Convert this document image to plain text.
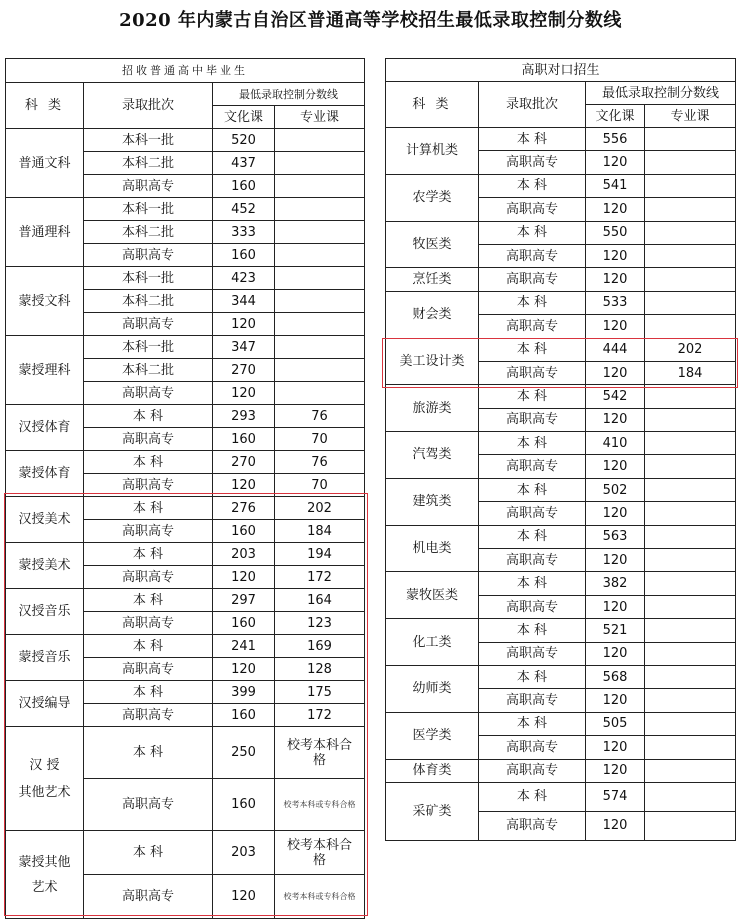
2020 年内蒙古自治区普通高等学校招生最低录取控制分数线
招收普通高中毕业生			
科 类	录取批次	最低录取控制分数线	
		文化课	专业课
普通文科	本科一批	520	
	本科二批	437	
	高职高专	160	
普通理科	本科一批	452	
	本科二批	333	
	高职高专	160	
蒙授文科	本科一批	423	
	本科二批	344	
	高职高专	120	
蒙授理科	本科一批	347	
	本科二批	270	
	高职高专	120	
汉授体育	本 科	293	76
	高职高专	160	70
蒙授体育	本 科	270	76
	高职高专	120	70
汉授美术	本 科	276	202
	高职高专	160	184
蒙授美术	本 科	203	194
	高职高专	120	172
汉授音乐	本 科	297	164
	高职高专	160	123
蒙授音乐	本 科	241	169
	高职高专	120	128
汉授编导	本 科	399	175
	高职高专	160	172

汉 授
其他艺术	本 科	250	校考本科合格
	高职高专	160	校考本科或专科合格

蒙授其他
艺术	本 科	203	校考本科合格
	高职高专	120	校考本科或专科合格
高职对口招生			
科 类	录取批次	最低录取控制分数线	
		文化课	专业课
计算机类	本 科	556	
	高职高专	120	
农学类	本 科	541	
	高职高专	120	
牧医类	本 科	550	
	高职高专	120	
烹饪类	高职高专	120	
财会类	本 科	533	
	高职高专	120	
美工设计类	本 科	444	202
	高职高专	120	184
旅游类	本 科	542	
	高职高专	120	
汽驾类	本 科	410	
	高职高专	120	
建筑类	本 科	502	
	高职高专	120	
机电类	本 科	563	
	高职高专	120	
蒙牧医类	本 科	382	
	高职高专	120	
化工类	本 科	521	
	高职高专	120	
幼师类	本 科	568	
	高职高专	120	
医学类	本 科	505	
	高职高专	120	
体育类	高职高专	120	
采矿类	本 科	574	
	高职高专	120	
